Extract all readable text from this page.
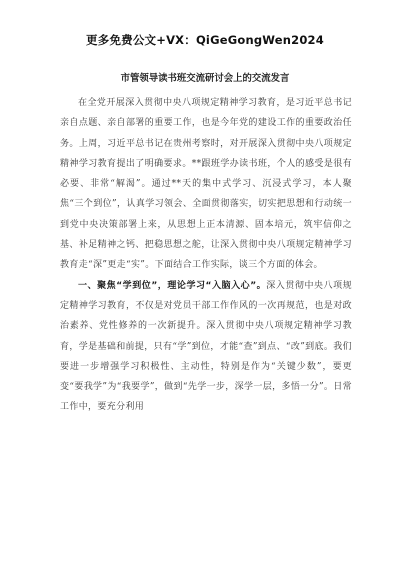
更多免费公文+VX：QiGeGongWen2024
市管领导读书班交流研讨会上的交流发言

在全党开展深入贯彻中央八项规定精神学习教育，是习近平总书记亲自点题、亲自部署的重要工作，也是今年党的建设工作的重要政治任务。上周，习近平总书记在贵州考察时，对开展深入贯彻中央八项规定精神学习教育提出了明确要求。**跟班学办读书班，个人的感受是很有必要、非常“解渴”。通过**天的集中式学习、沉浸式学习，本人聚焦“三个到位”，认真学习领会、全面贯彻落实，切实把思想和行动统一到党中央决策部署上来，从思想上正本清源、固本培元，筑牢信仰之基、补足精神之钙、把稳思想之舵，让深入贯彻中央八项规定精神学习教育走“深”更走“实”。下面结合工作实际，谈三个方面的体会。

一、聚焦“学到位”，理论学习“入脑入心”。深入贯彻中央八项规定精神学习教育，不仅是对党员干部工作作风的一次再规范，也是对政治素养、党性修养的一次新提升。深入贯彻中央八项规定精神学习教育，学是基础和前提，只有“学”到位，才能“查”到点、“改”到底。我们要进一步增强学习积极性、主动性，特别是作为“关键少数”，要更变“要我学”为“我要学”，做到“先学一步，深学一层，多悟一分”。日常工作中，要充分利用
